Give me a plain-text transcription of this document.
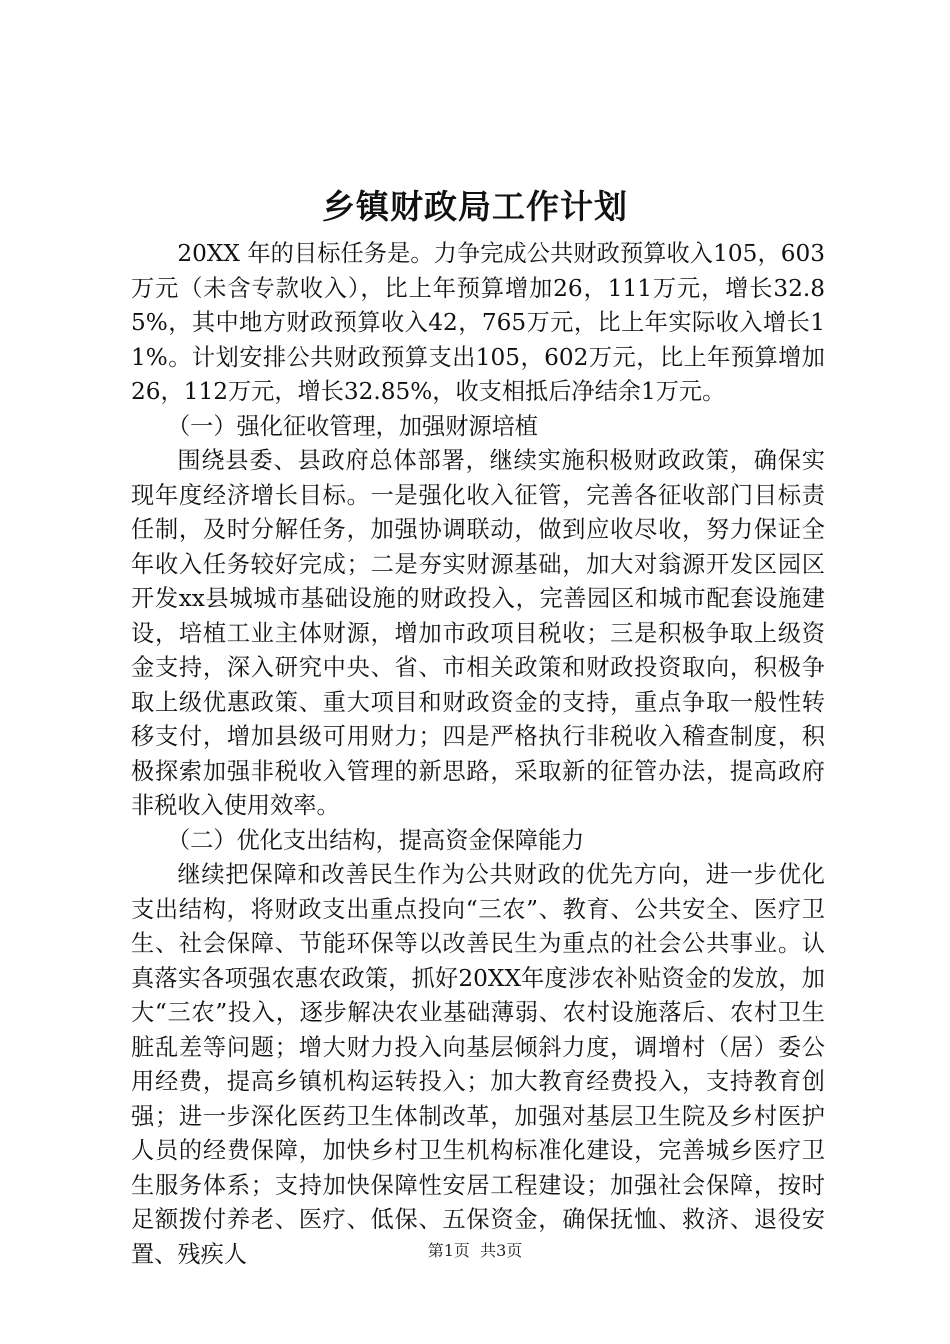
乡镇财政局工作计划

20XX 年的目标任务是。力争完成公共财政预算收入105，603万元（未含专款收入），比上年预算增加26，111万元，增长32.85%，其中地方财政预算收入42，765万元，比上年实际收入增长11%。计划安排公共财政预算支出105，602万元，比上年预算增加26，112万元，增长32.85%，收支相抵后净结余1万元。

（一）强化征收管理，加强财源培植

围绕县委、县政府总体部署，继续实施积极财政政策，确保实现年度经济增长目标。一是强化收入征管，完善各征收部门目标责任制，及时分解任务，加强协调联动，做到应收尽收，努力保证全年收入任务较好完成；二是夯实财源基础，加大对翁源开发区园区开发xx县城城市基础设施的财政投入，完善园区和城市配套设施建设，培植工业主体财源，增加市政项目税收；三是积极争取上级资金支持，深入研究中央、省、市相关政策和财政投资取向，积极争取上级优惠政策、重大项目和财政资金的支持，重点争取一般性转移支付，增加县级可用财力；四是严格执行非税收入稽查制度，积极探索加强非税收入管理的新思路，采取新的征管办法，提高政府非税收入使用效率。

（二）优化支出结构，提高资金保障能力

继续把保障和改善民生作为公共财政的优先方向，进一步优化支出结构，将财政支出重点投向“三农”、教育、公共安全、医疗卫生、社会保障、节能环保等以改善民生为重点的社会公共事业。认真落实各项强农惠农政策，抓好20XX年度涉农补贴资金的发放，加大“三农”投入，逐步解决农业基础薄弱、农村设施落后、农村卫生脏乱差等问题；增大财力投入向基层倾斜力度，调增村（居）委公用经费，提高乡镇机构运转投入；加大教育经费投入，支持教育创强；进一步深化医药卫生体制改革，加强对基层卫生院及乡村医护人员的经费保障，加快乡村卫生机构标准化建设，完善城乡医疗卫生服务体系；支持加快保障性安居工程建设；加强社会保障，按时足额拨付养老、医疗、低保、五保资金，确保抚恤、救济、退役安置、残疾人	第1页 共3页
